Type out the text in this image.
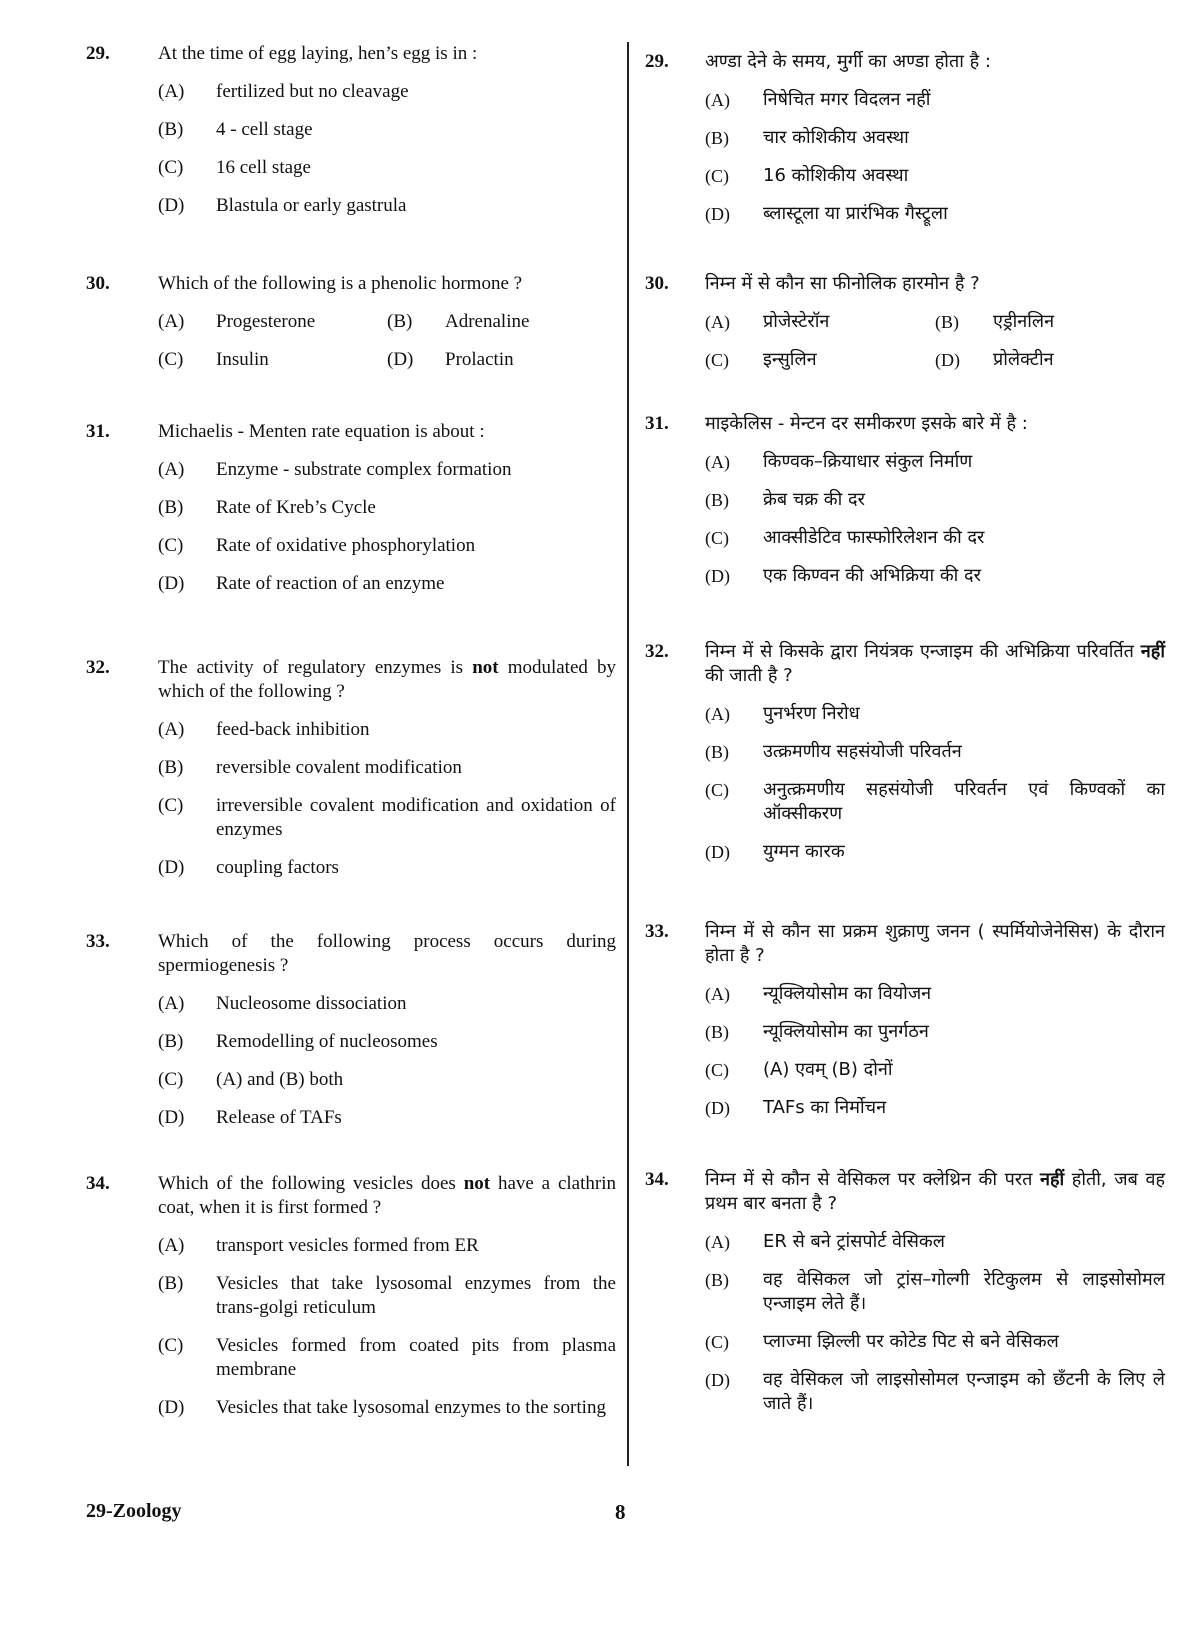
29.	At the time of egg laying, hen’s egg is in :
(A)	fertilized but no cleavage
(B)	4 - cell stage
(C)	16 cell stage
(D)	Blastula or early gastrula
30.	Which of the following is a phenolic hormone ?
(A)	Progesterone	(B)	Adrenaline
(C)	Insulin	(D)	Prolactin
31.	Michaelis - Menten rate equation is about :
(A)	Enzyme - substrate complex formation
(B)	Rate of Kreb’s Cycle
(C)	Rate of oxidative phosphorylation
(D)	Rate of reaction of an enzyme
32.	The activity of regulatory enzymes is not modulated by which of the following ?
(A)	feed-back inhibition
(B)	reversible covalent modification
(C)	irreversible covalent modification and oxidation of enzymes
(D)	coupling factors
33.	Which of the following process occurs during spermiogenesis ?
(A)	Nucleosome dissociation
(B)	Remodelling of nucleosomes
(C)	(A) and (B) both
(D)	Release of TAFs
34.	Which of the following vesicles does not have a clathrin coat, when it is first formed ?
(A)	transport vesicles formed from ER
(B)	Vesicles that take lysosomal enzymes from the trans-golgi reticulum
(C)	Vesicles formed from coated pits from plasma membrane
(D)	Vesicles that take lysosomal enzymes to the sorting
29.	अण्डा देने के समय, मुर्गी का अण्डा होता है :
(A)	निषेचित मगर विदलन नहीं
(B)	चार कोशिकीय अवस्था
(C)	16 कोशिकीय अवस्था
(D)	ब्लास्टूला या प्रारंभिक गैस्ट्रूला
30.	निम्न में से कौन सा फीनोलिक हारमोन है ?
(A)	प्रोजेस्टेरॉन	(B)	एड्रीनलिन
(C)	इन्सुलिन	(D)	प्रोलेक्टीन
31.	माइकेलिस - मेन्टन दर समीकरण इसके बारे में है :
(A)	किण्वक–क्रियाधार संकुल निर्माण
(B)	क्रेब चक्र की दर
(C)	आक्सीडेटिव फास्फोरिलेशन की दर
(D)	एक किण्वन की अभिक्रिया की दर
32.	निम्न में से किसके द्वारा नियंत्रक एन्जाइम की अभिक्रिया परिवर्तित नहीं की जाती है ?
(A)	पुनर्भरण निरोध
(B)	उत्क्रमणीय सहसंयोजी परिवर्तन
(C)	अनुत्क्रमणीय सहसंयोजी परिवर्तन एवं किण्वकों का ऑक्सीकरण
(D)	युग्मन कारक
33.	निम्न में से कौन सा प्रक्रम शुक्राणु जनन ( स्पर्मियोजेनेसिस) के दौरान होता है ?
(A)	न्यूक्लियोसोम का वियोजन
(B)	न्यूक्लियोसोम का पुनर्गठन
(C)	(A) एवम् (B) दोनों
(D)	TAFs का निर्मोचन
34.	निम्न में से कौन से वेसिकल पर क्लेथ्रिन की परत नहीं होती, जब वह प्रथम बार बनता है ?
(A)	ER से बने ट्रांसपोर्ट वेसिकल
(B)	वह वेसिकल जो ट्रांस–गोल्गी रेटिकुलम से लाइसोसोमल एन्जाइम लेते हैं।
(C)	प्लाज्मा झिल्ली पर कोटेड पिट से बने वेसिकल
(D)	वह वेसिकल जो लाइसोसोमल एन्जाइम को छँटनी के लिए ले जाते हैं।
29-Zoology	8
